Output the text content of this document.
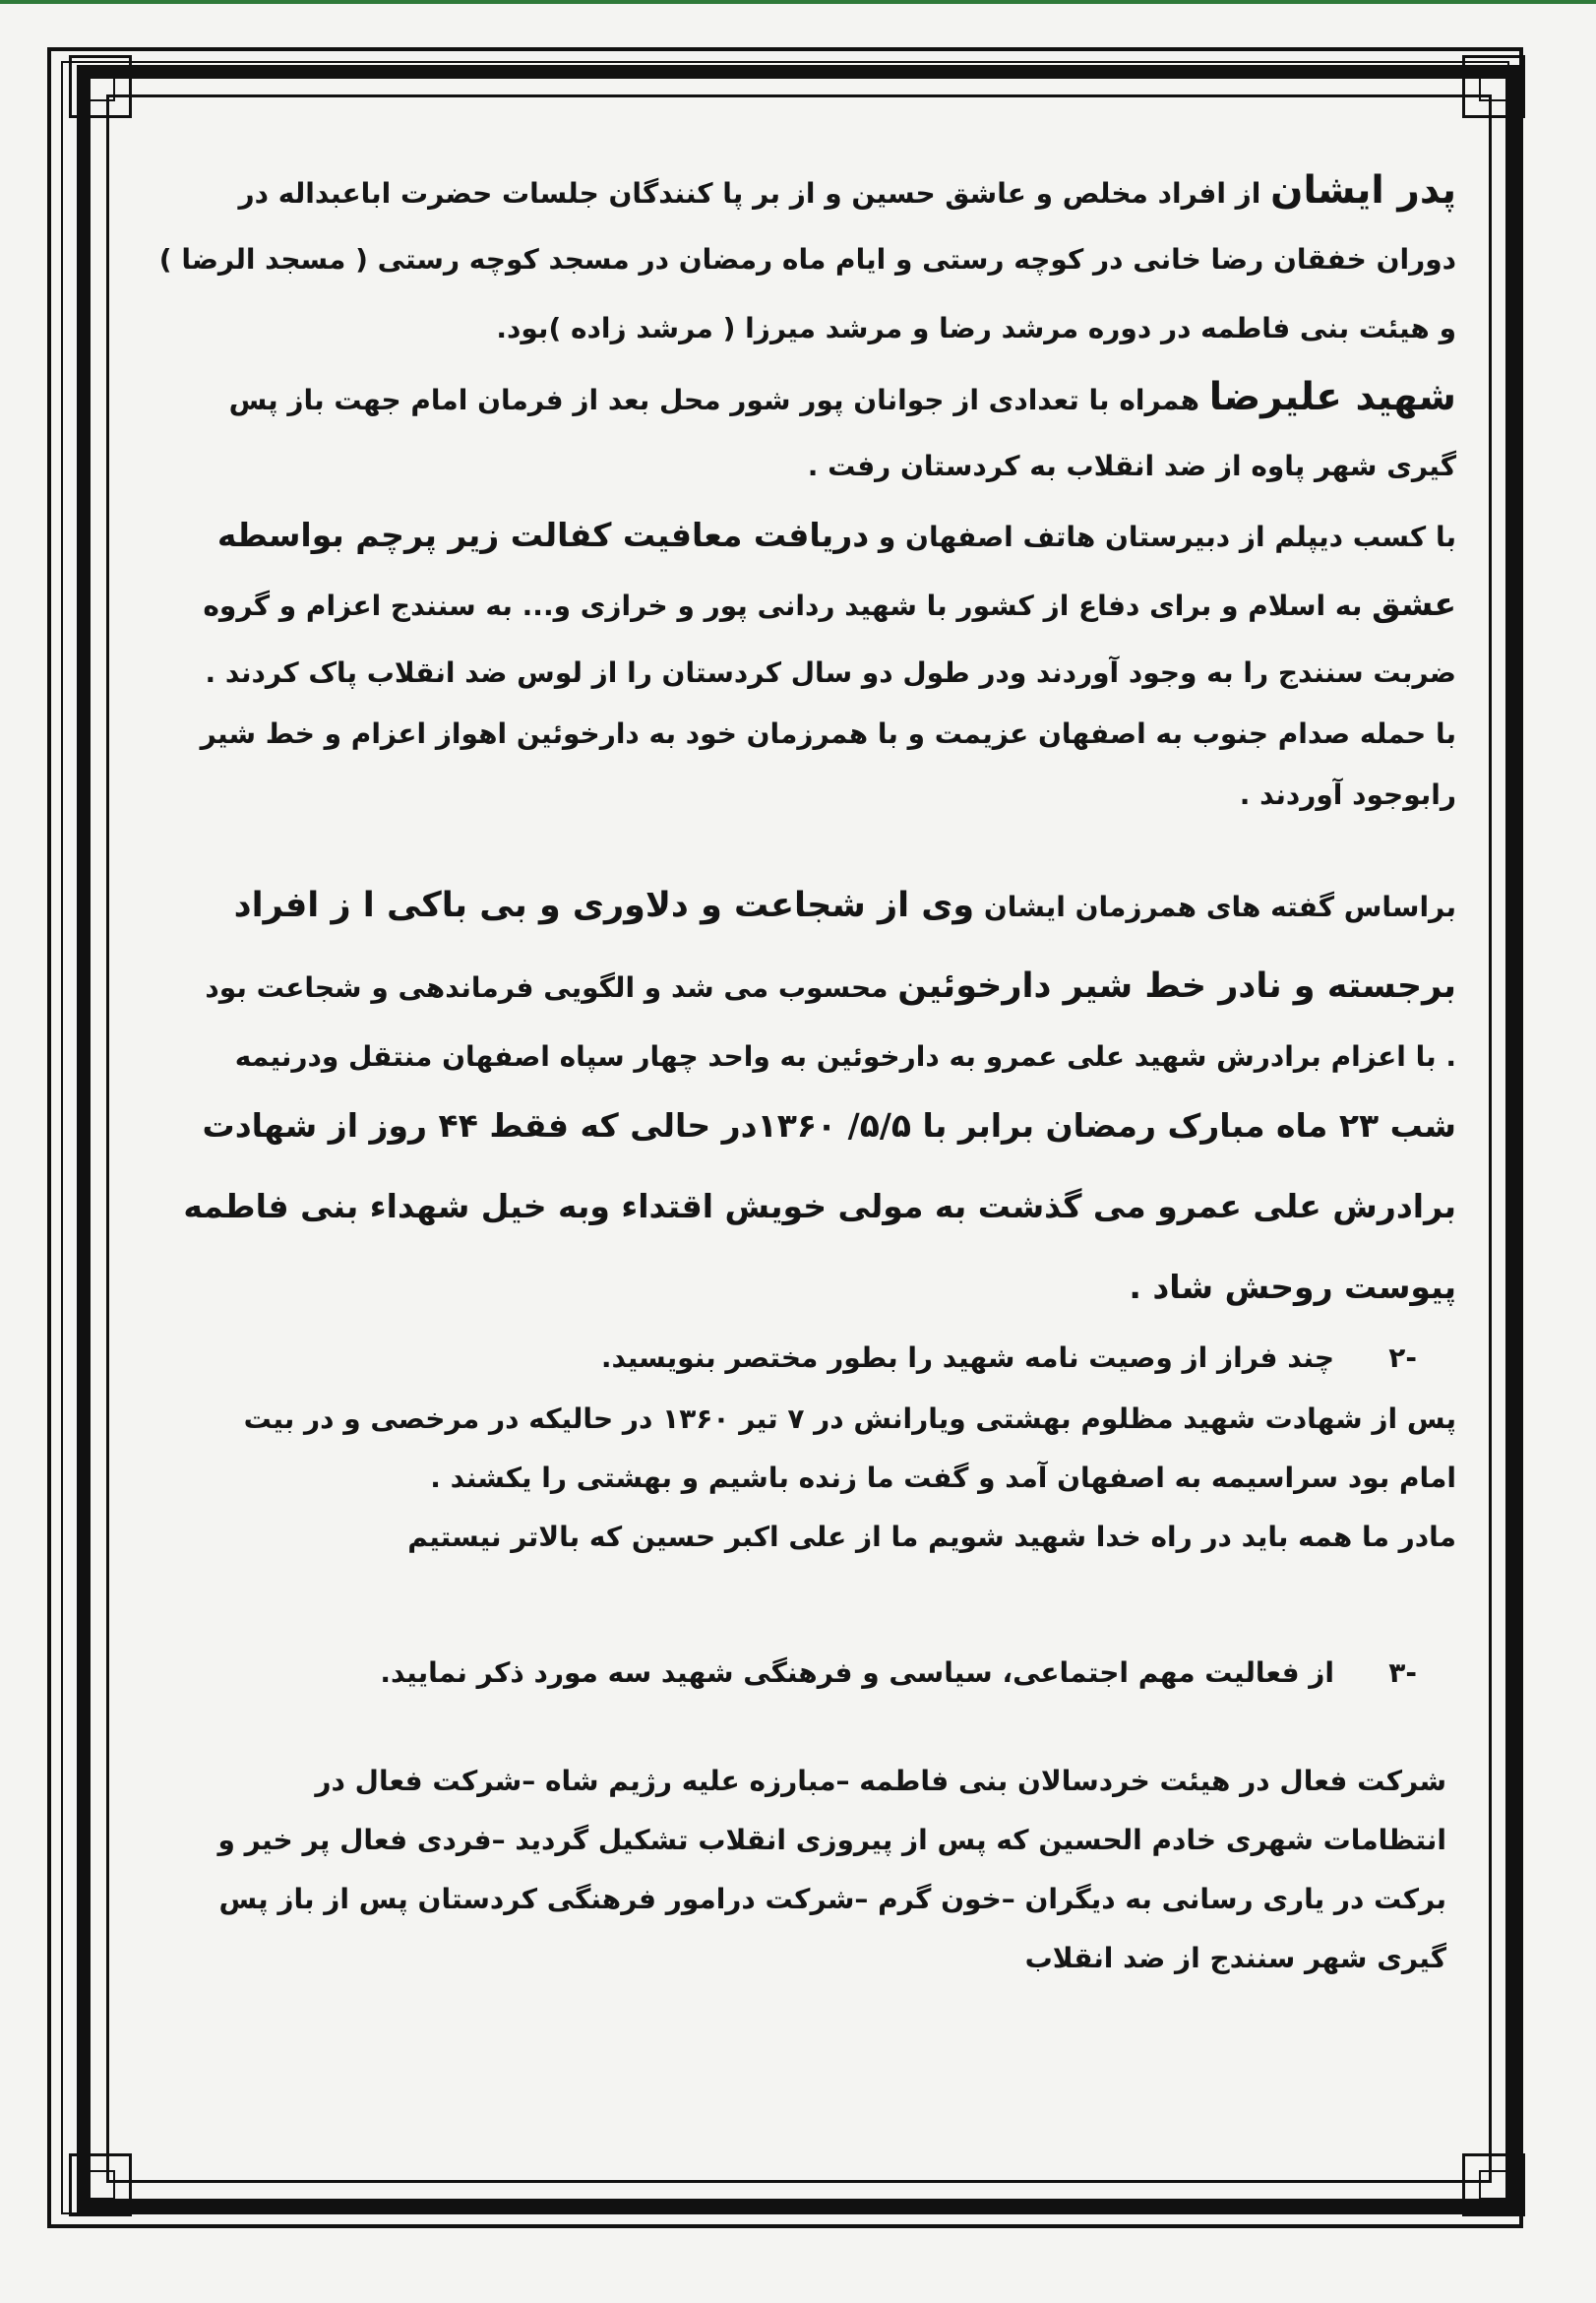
پدر ایشان از افراد مخلص و عاشق حسین و از بر پا کنندگان جلسات حضرت اباعبداله در
دوران خفقان رضا خانی در کوچه رستی و ایام ماه رمضان در مسجد کوچه رستی ( مسجد الرضا )
و هیئت بنی فاطمه در دوره مرشد رضا و مرشد میرزا ( مرشد زاده )بود.
شهید علیرضا همراه با تعدادی از جوانان پور شور محل بعد از فرمان امام جهت باز پس
گیری شهر پاوه از ضد انقلاب به کردستان رفت .
با کسب دیپلم از دبیرستان هاتف اصفهان و دریافت معافیت کفالت زیر پرچم بواسطه
عشق به اسلام و برای دفاع از کشور با شهید ردانی پور و خرازی و... به سنندج اعزام و گروه
ضربت سنندج را به وجود آوردند ودر طول دو سال کردستان را از لوس ضد انقلاب پاک کردند .
با حمله صدام جنوب به اصفهان عزیمت و با همرزمان خود به دارخوئین اهواز اعزام و خط شیر
رابوجود آوردند .
براساس گفته های همرزمان ایشان وی از شجاعت و دلاوری و بی باکی ا ز افراد
برجسته و نادر خط شیر دارخوئین محسوب می شد و الگویی فرماندهی و شجاعت بود
. با اعزام برادرش شهید علی عمرو به دارخوئین به واحد چهار سپاه اصفهان منتقل ودرنیمه
شب ۲۳ ماه مبارک رمضان برابر با ۵/۵/ ۱۳۶۰در حالی که فقط ۴۴ روز از شهادت
برادرش علی عمرو می گذشت به مولی خویش اقتداء وبه خیل شهداء بنی فاطمه
پیوست روحش شاد .
-۲چند فراز از وصیت نامه شهید را بطور مختصر بنویسید.
پس از شهادت شهید مظلوم بهشتی ویارانش در ۷ تیر ۱۳۶۰ در حالیکه در مرخصی و در بیت
امام بود سراسیمه به اصفهان آمد و گفت ما زنده باشیم و بهشتی را یکشند .
مادر ما همه باید در راه خدا شهید شویم ما از علی اکبر حسین که بالاتر نیستیم
-۳از فعالیت مهم اجتماعی، سیاسی و فرهنگی شهید سه مورد ذکر نمایید.
شرکت فعال در هیئت خردسالان بنی فاطمه –مبارزه علیه رژیم شاه –شرکت فعال در
انتظامات شهری خادم الحسین که پس از پیروزی انقلاب تشکیل گردید –فردی فعال پر خیر و
برکت در یاری رسانی به دیگران –خون گرم –شرکت درامور فرهنگی کردستان پس از باز پس
گیری شهر سنندج از ضد انقلاب
